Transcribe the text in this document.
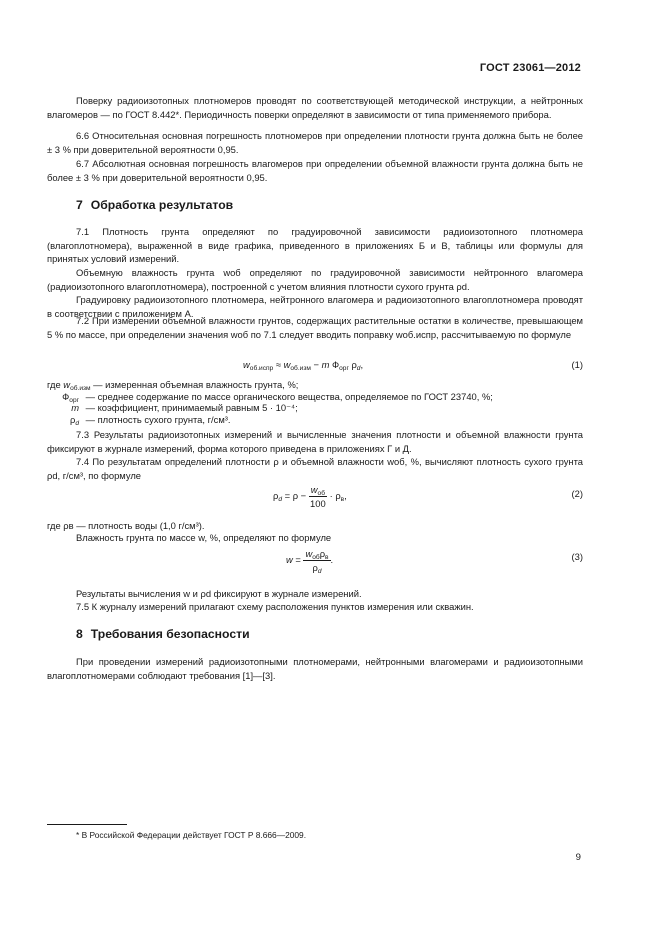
ГОСТ 23061—2012

Поверку радиоизотопных плотномеров проводят по соответствующей методической инструкции, а нейтронных влагомеров — по ГОСТ 8.442*. Периодичность поверки определяют в зависимости от типа применяемого прибора.

6.6 Относительная основная погрешность плотномеров при определении плотности грунта должна быть не более ± 3 % при доверительной вероятности 0,95.

6.7 Абсолютная основная погрешность влагомеров при определении объемной влажности грунта должна быть не более ± 3 % при доверительной вероятности 0,95.

7 Обработка результатов

7.1 Плотность грунта определяют по градуировочной зависимости радиоизотопного плотномера (влагоплотномера), выраженной в виде графика, приведенного в приложениях Б и В, таблицы или формулы для принятых условий измерений.

Объемную влажность грунта wоб определяют по градуировочной зависимости нейтронного влагомера (радиоизотопного влагоплотномера), построенной с учетом влияния плотности сухого грунта ρd.

Градуировку радиоизотопного плотномера, нейтронного влагомера и радиоизотопного влагоплотномера проводят в соответствии с приложением А.

7.2 При измерении объемной влажности грунтов, содержащих растительные остатки в количестве, превышающем 5 % по массе, при определении значения wоб по 7.1 следует вводить поправку wоб.испр, рассчитываемую по формуле

$w_{об.испр} \approx w_{об.изм} - m$ $Ф_{орг}$ $\rho_d$,	(1)
где $w_{об.изм}$ — измеренная объемная влажность грунта, %;
$Ф_{орг}$ — среднее содержание по массе органического вещества, определяемое по ГОСТ 23740, %;
m — коэффициент, принимаемый равным 5 · 10⁻⁴;
$\rho_d$ — плотность сухого грунта, г/см³.

7.3 Результаты радиоизотопных измерений и вычисленные значения плотности и объемной влажности грунта фиксируют в журнале измерений, форма которого приведена в приложениях Г и Д.

7.4 По результатам определений плотности ρ и объемной влажности wоб, %, вычисляют плотность сухого грунта ρd, г/см³, по формуле

$\rho_d = \rho - \frac{w_{об}}{100} \cdot \rho_в$,	(2)

где ρв — плотность воды (1,0 г/см³).

Влажность грунта по массе w, %, определяют по формуле

$w = \frac{w_{об}\rho_в}{\rho_d}$ .	(3)

Результаты вычисления w и ρd фиксируют в журнале измерений.

7.5 К журналу измерений прилагают схему расположения пунктов измерения или скважин.

8 Требования безопасности

При проведении измерений радиоизотопными плотномерами, нейтронными влагомерами и радиоизотопными влагоплотномерами соблюдают требования [1]—[3].

* В Российской Федерации действует ГОСТ Р 8.666—2009.
9
